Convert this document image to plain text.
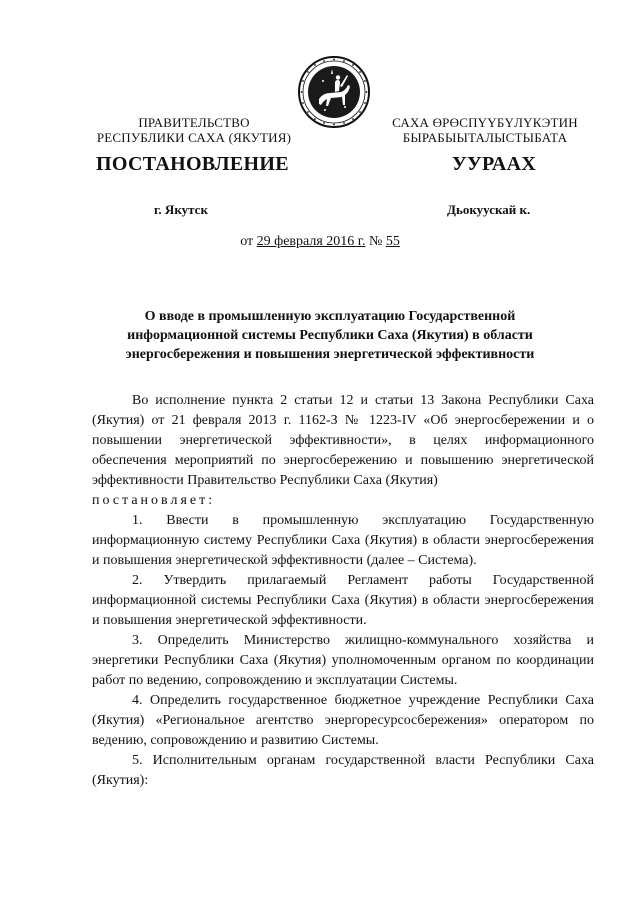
ПРАВИТЕЛЬСТВО
РЕСПУБЛИКИ САХА (ЯКУТИЯ)
САХА ӨРӨСПҮҮБҮЛҮКЭТИН
БЫРАБЫЫТАЛЫСТЫБАТА
ПОСТАНОВЛЕНИЕ	УУРААХ
г. Якутск	Дьокуускай к.
от 29 февраля 2016 г. № 55
О вводе в промышленную эксплуатацию Государственной
информационной системы Республики Саха (Якутия) в области
энергосбережения и повышения энергетической эффективности

Во исполнение пункта 2 статьи 12 и статьи 13 Закона Республики Саха (Якутия) от 21 февраля 2013 г. 1162-З № 1223-IV «Об энергосбережении и о повышении энергетической эффективности», в целях информационного обеспечения мероприятий по энергосбережению и повышению энергетической эффективности Правительство Республики Саха (Якутия)

постановляет:

1. Ввести в промышленную эксплуатацию Государственную информационную систему Республики Саха (Якутия) в области энергосбережения и повышения энергетической эффективности (далее – Система).

2. Утвердить прилагаемый Регламент работы Государственной информационной системы Республики Саха (Якутия) в области энергосбережения и повышения энергетической эффективности.

3. Определить Министерство жилищно-коммунального хозяйства и энергетики Республики Саха (Якутия) уполномоченным органом по координации работ по ведению, сопровождению и эксплуатации Системы.

4. Определить государственное бюджетное учреждение Республики Саха (Якутия) «Региональное агентство энергоресурсосбережения» оператором по ведению, сопровождению и развитию Системы.

5. Исполнительным органам государственной власти Республики Саха (Якутия):
